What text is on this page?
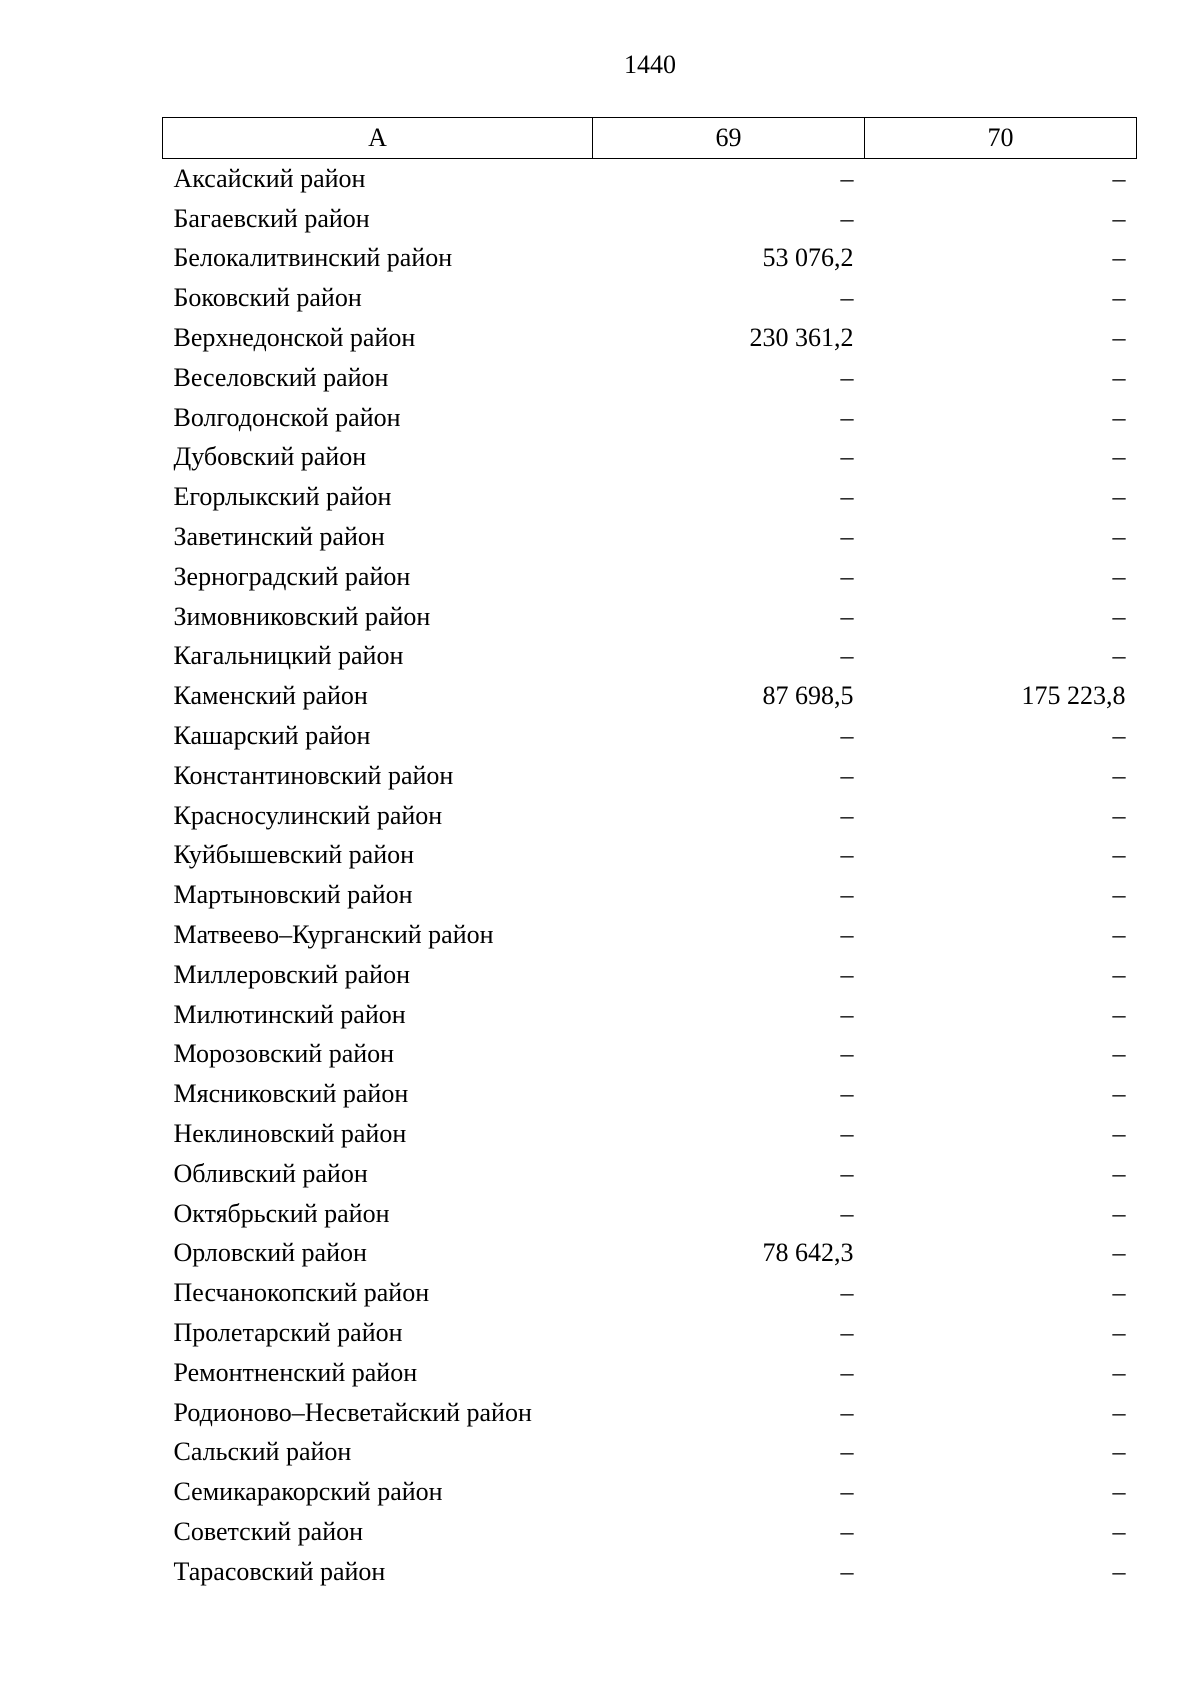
1440
А	69	70
Аксайский район	–	–
Багаевский район	–	–
Белокалитвинский район	53 076,2	–
Боковский район	–	–
Верхнедонской район	230 361,2	–
Веселовский район	–	–
Волгодонской район	–	–
Дубовский район	–	–
Егорлыкский район	–	–
Заветинский район	–	–
Зерноградский район	–	–
Зимовниковский район	–	–
Кагальницкий район	–	–
Каменский район	87 698,5	175 223,8
Кашарский район	–	–
Константиновский район	–	–
Красносулинский район	–	–
Куйбышевский район	–	–
Мартыновский район	–	–
Матвеево–Курганский район	–	–
Миллеровский район	–	–
Милютинский район	–	–
Морозовский район	–	–
Мясниковский район	–	–
Неклиновский район	–	–
Обливский район	–	–
Октябрьский район	–	–
Орловский район	78 642,3	–
Песчанокопский район	–	–
Пролетарский район	–	–
Ремонтненский район	–	–
Родионово–Несветайский район	–	–
Сальский район	–	–
Семикаракорский район	–	–
Советский район	–	–
Тарасовский район	–	–
